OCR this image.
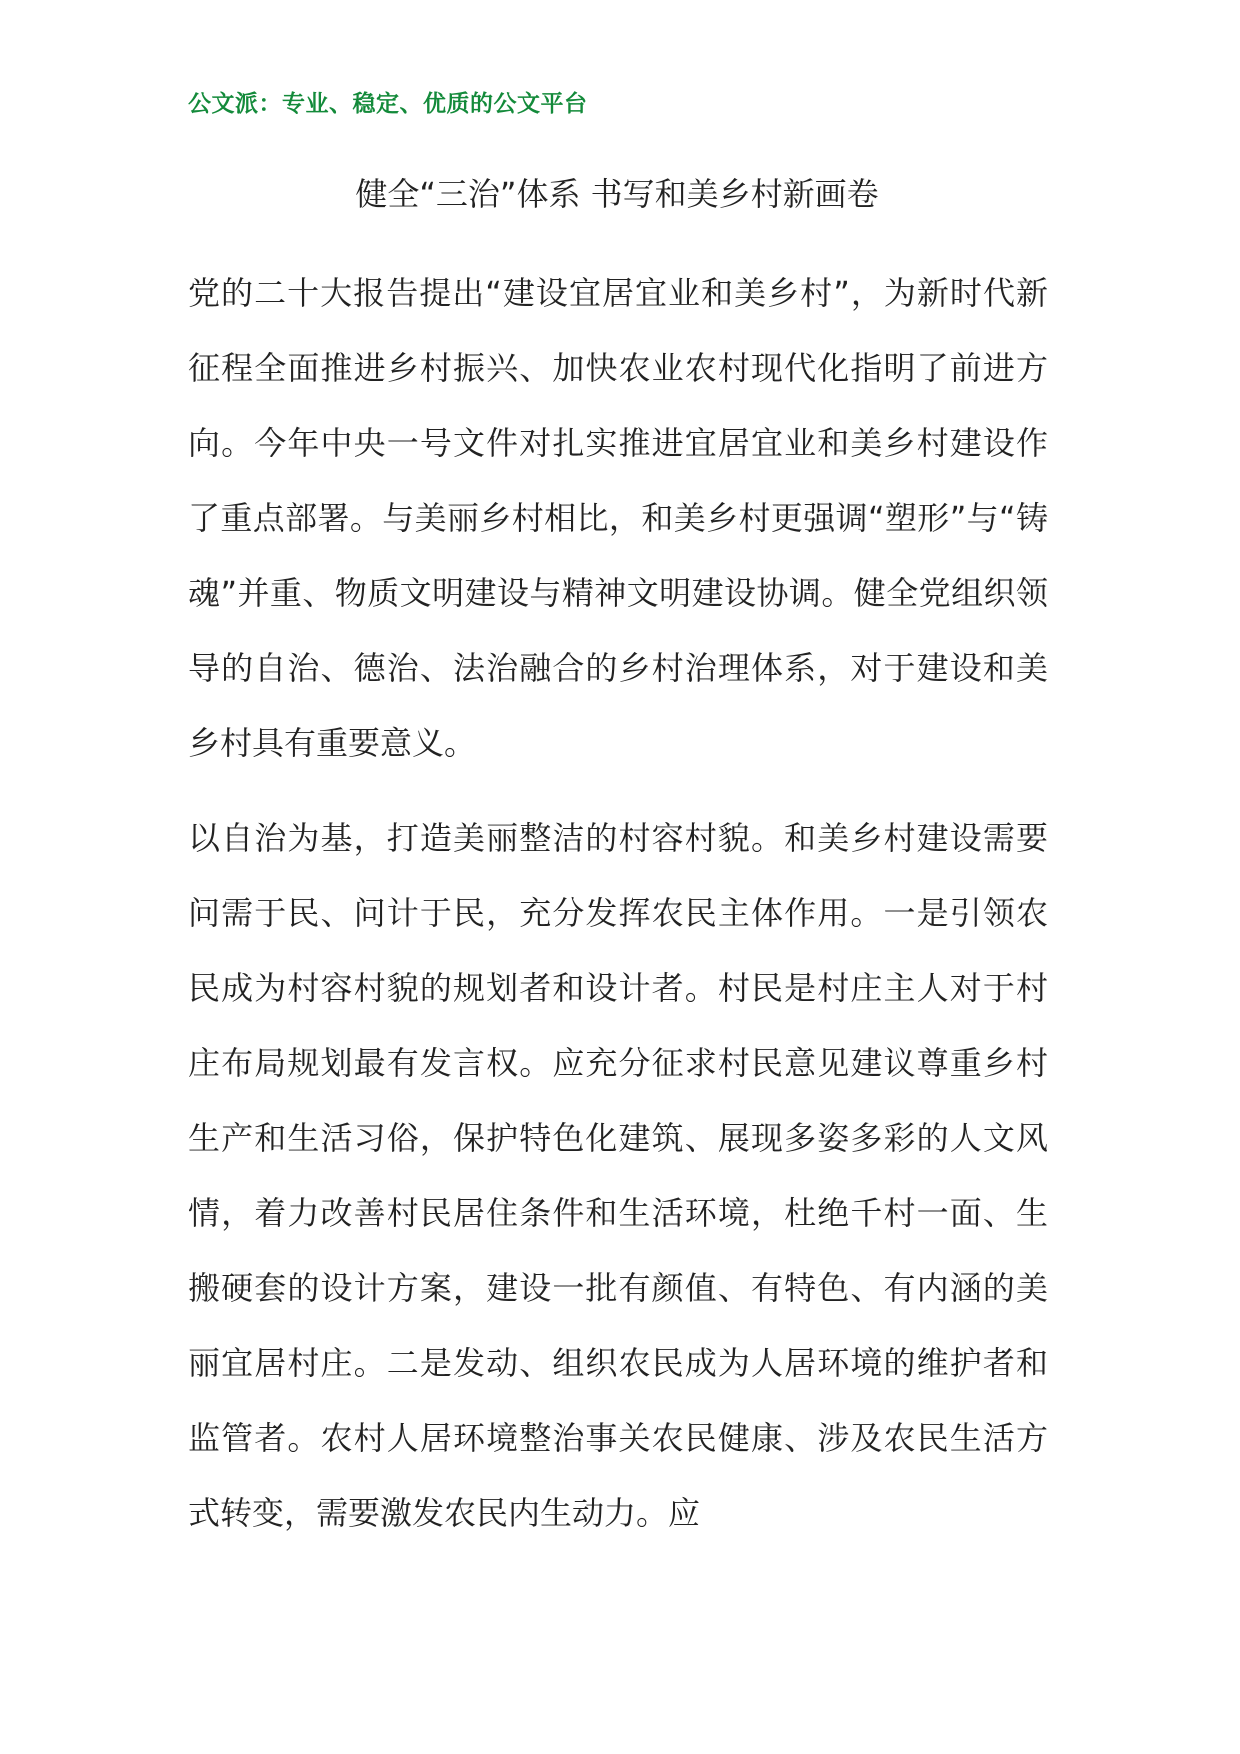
公文派：专业、稳定、优质的公文平台
健全“三治”体系 书写和美乡村新画卷

党的二十大报告提出“建设宜居宜业和美乡村”，为新时代新征程全面推进乡村振兴、加快农业农村现代化指明了前进方向。今年中央一号文件对扎实推进宜居宜业和美乡村建设作了重点部署。与美丽乡村相比，和美乡村更强调“塑形”与“铸魂”并重、物质文明建设与精神文明建设协调。健全党组织领导的自治、德治、法治融合的乡村治理体系，对于建设和美乡村具有重要意义。

以自治为基，打造美丽整洁的村容村貌。和美乡村建设需要问需于民、问计于民，充分发挥农民主体作用。一是引领农民成为村容村貌的规划者和设计者。村民是村庄主人对于村庄布局规划最有发言权。应充分征求村民意见建议尊重乡村生产和生活习俗，保护特色化建筑、展现多姿多彩的人文风情，着力改善村民居住条件和生活环境，杜绝千村一面、生搬硬套的设计方案，建设一批有颜值、有特色、有内涵的美丽宜居村庄。二是发动、组织农民成为人居环境的维护者和监管者。农村人居环境整治事关农民健康、涉及农民生活方式转变，需要激发农民内生动力。应
